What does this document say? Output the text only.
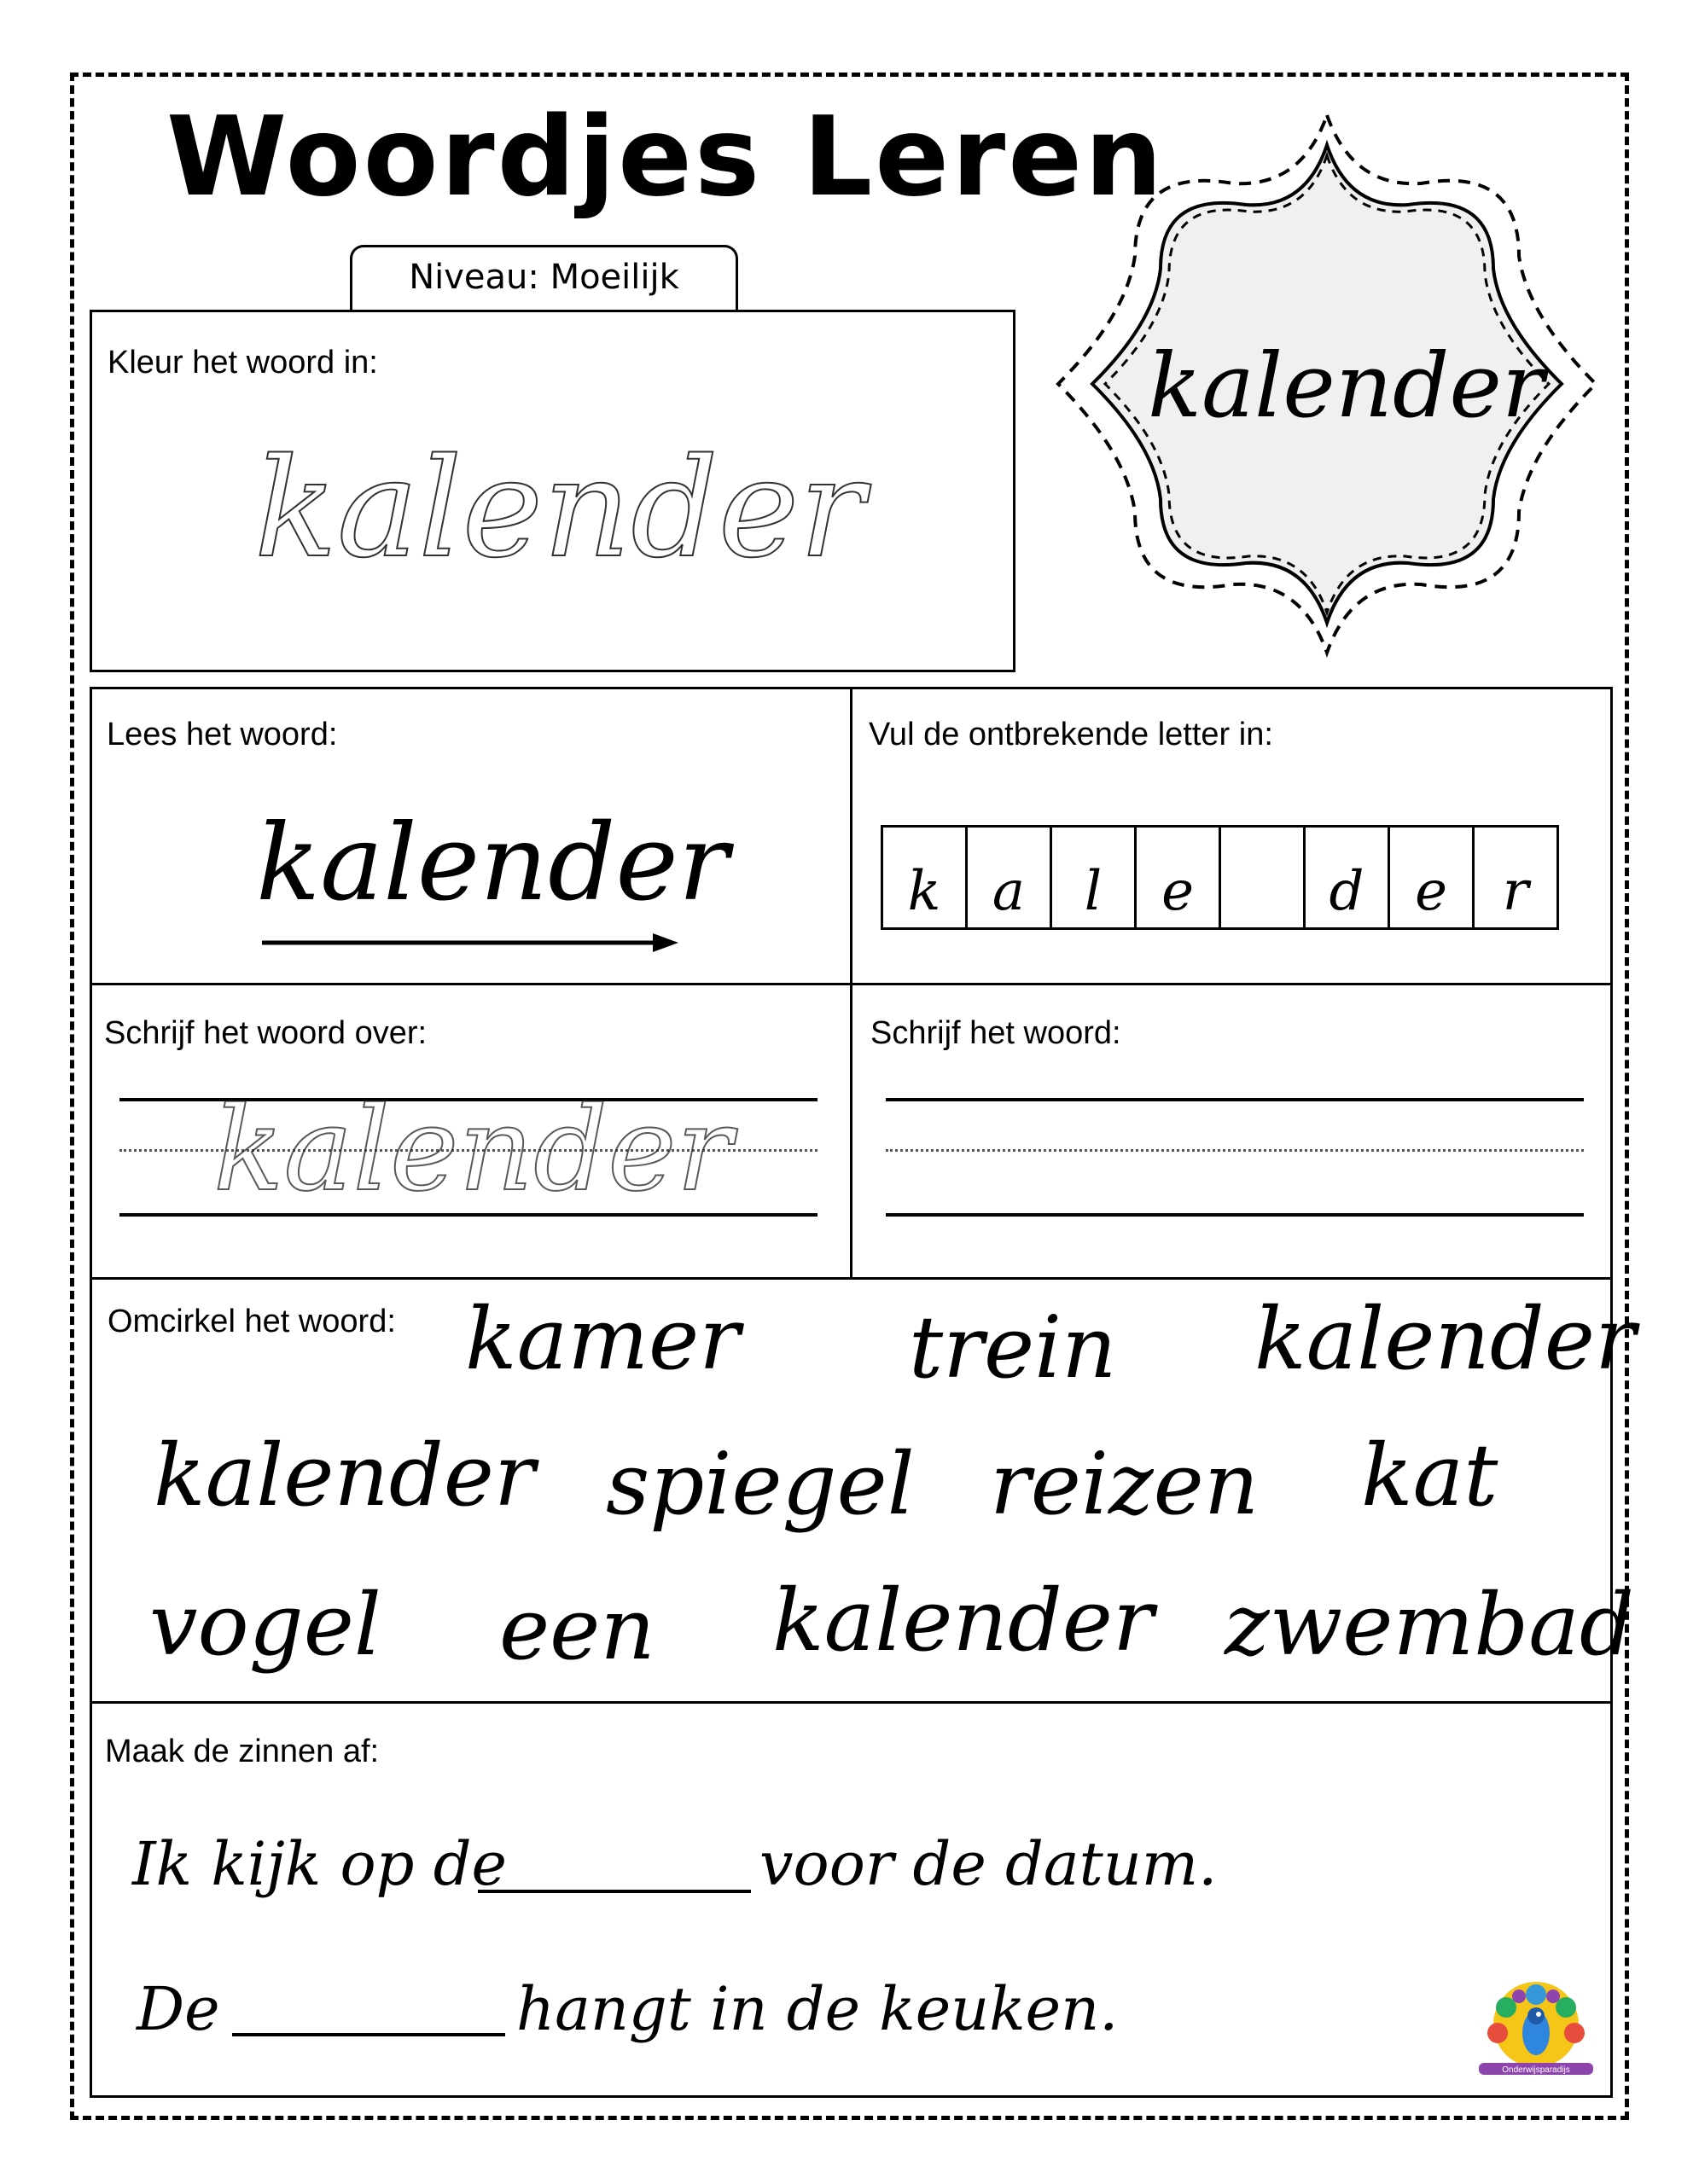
Woordjes Leren
Niveau: Moeilijk
kalender
Kleur het woord in:
kalender
Lees het woord:
kalender
Vul de ontbrekende letter in:
k a	l	e	d e	r
Schrijf het woord over:
kalender
Schrijf het woord:
Omcirkel het woord: kamer trein kalender
kalender spiegel reizen kat
vogel een kalender zwembad
Maak de zinnen af:
Ik kijk op de	voor de datum.
De	hangt in de keuken.
Onderwijsparadijs
